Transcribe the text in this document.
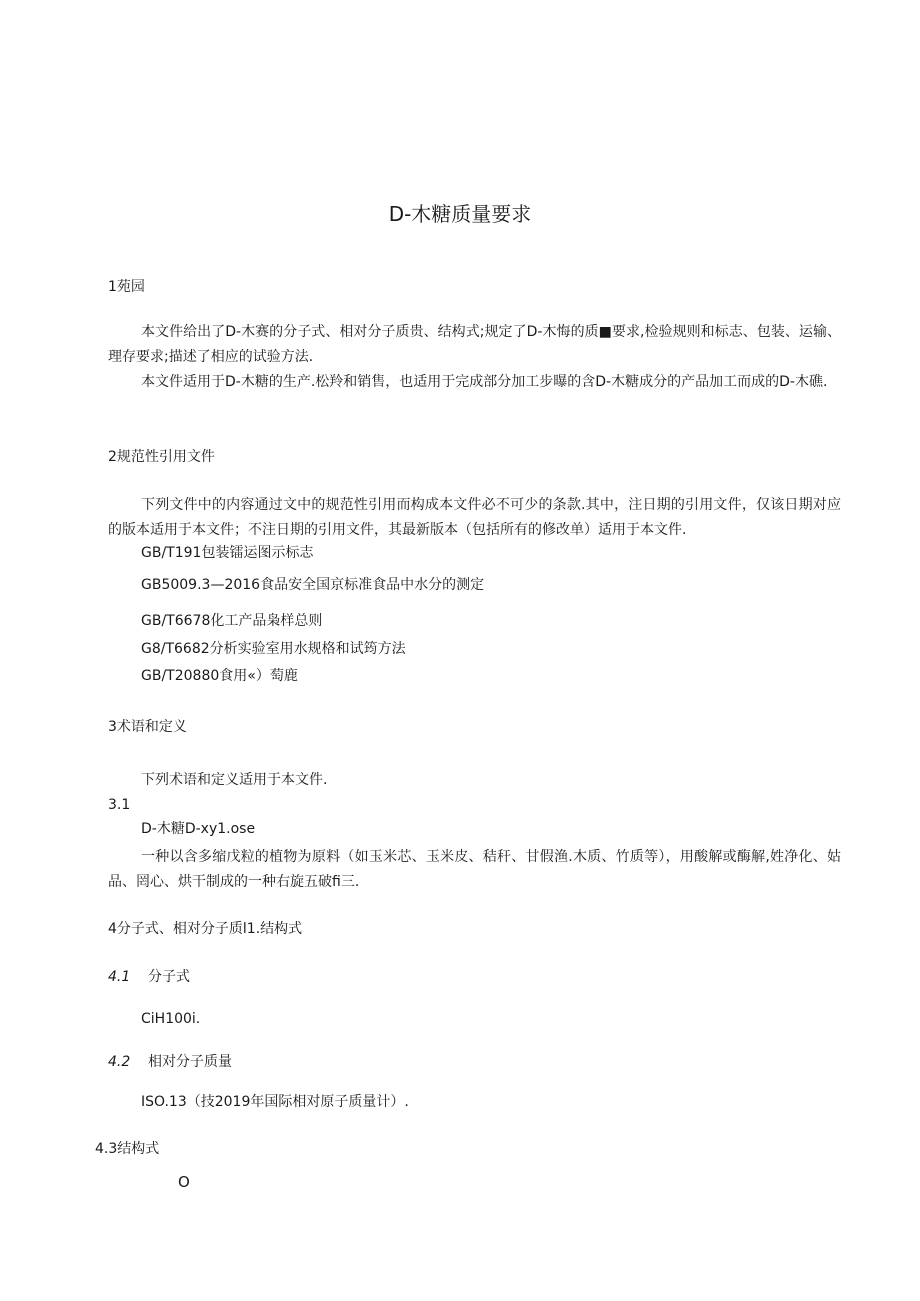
D-木糖质量要求
1苑园
本文件给出了D-木赛的分子式、相对分子质贵、结构式;规定了D-木悔的质■要求,检验规则和标志、包装、运输、理存要求;描述了相应的试验方法.
本文件适用于D-木糖的生产.松羚和销售，也适用于完成部分加工步曝的含D-木糖成分的产品加工而成的D-木礁.
2规范性引用文件
下列文件中的内容通过文中的规范性引用而构成本文件必不可少的条款.其中，注日期的引用文件，仅该日期对应的版本适用于本文件；不注日期的引用文件，其最新版本（包括所有的修改单）适用于本文件.
GB/T191包装镭运图示标志
GB5009.3—2016食品安全国京标准食品中水分的测定
GB/T6678化工产品枭样总则
G8/T6682分析实验室用水规格和试筠方法
GB/T20880食用«）萄鹿
3术语和定义
下列术语和定义适用于本文件.
3.1
D-木糖D-xy1.ose
一种以含多缩戊粒的植物为原料（如玉米芯、玉米皮、秸秆、甘假渔.木质、竹质等），用酸解或酶解,姓净化、姑品、罔心、烘干制成的一种右旋五破fi三.
4分子式、相对分子质l1.结构式
4.1 分子式
CiH100i.
4.2 相对分子质量
ISO.13（技2019年国际相对原子质量计）.
4.3结构式
O
